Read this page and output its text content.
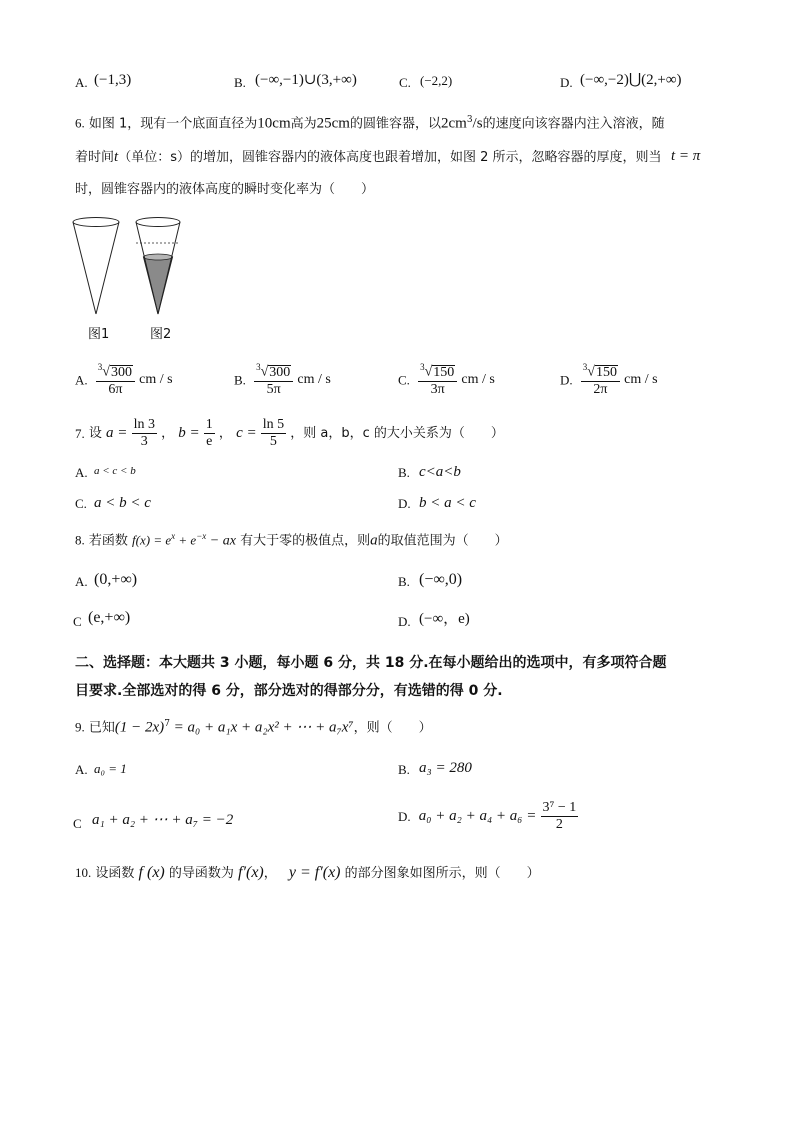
A. (−1,3)	B. (−∞,−1)∪(3,+∞)	C. (−2,2)	D. (−∞,−2)⋃(2,+∞)
6. 如图 1，现有一个底面直径为10cm高为25cm的圆锥容器，以$2cm^3/s$的速度向该容器内注入溶液，随
着时间t（单位：s）的增加，圆锥容器内的液体高度也跟着增加，如图 2 所示，忽略容器的厚度，则当 t = π
时，圆锥容器内的液体高度的瞬时变化率为（　　）
图1	图2
A. $\frac{^3√300}{6\pi}$ cm / s	B. $\frac{^3√300}{5\pi}$ cm / s	C. $\frac{^3√150}{3\pi}$ cm / s	D. $\frac{^3√150}{2\pi}$ cm / s
7. 设 $a = \frac{\ln 3}{3}$ ， $b = \frac{1}{e}$ ， $c = \frac{\ln 5}{5}$ ，则 a，b，c 的大小关系为（　　）
A. a < c < b	B. c<a<b
C. a < b < c	D. b < a < c
8. 若函数 $f(x) = e^x + e^{-x}$ − ax 有大于零的极值点，则a的取值范围为（　　）
A. (0,+∞)	B. (−∞,0)
C (e,+∞)	D. (−∞，e)
二、选择题：本大题共 3 小题，每小题 6 分，共 18 分.在每小题给出的选项中，有多项符合题
目要求.全部选对的得 6 分，部分选对的得部分分，有选错的得 0 分.
9. 已知$(1 - 2x)^7 = a_0 + a_1x + a_2x^2$ + ⋯ + a₇x⁷，则（　　）
A. a₀ = 1	B. a₃ = 280
C a₁ + a₂ + ⋯ + a₇ = −2	D. $a_0 + a_2 + a_4 + a_6 = \frac{\text{3⁷ − 1}}{2}$
10. 设函数 f (x) 的导函数为 f′(x)， y = f′(x) 的部分图象如图所示，则（　　）
